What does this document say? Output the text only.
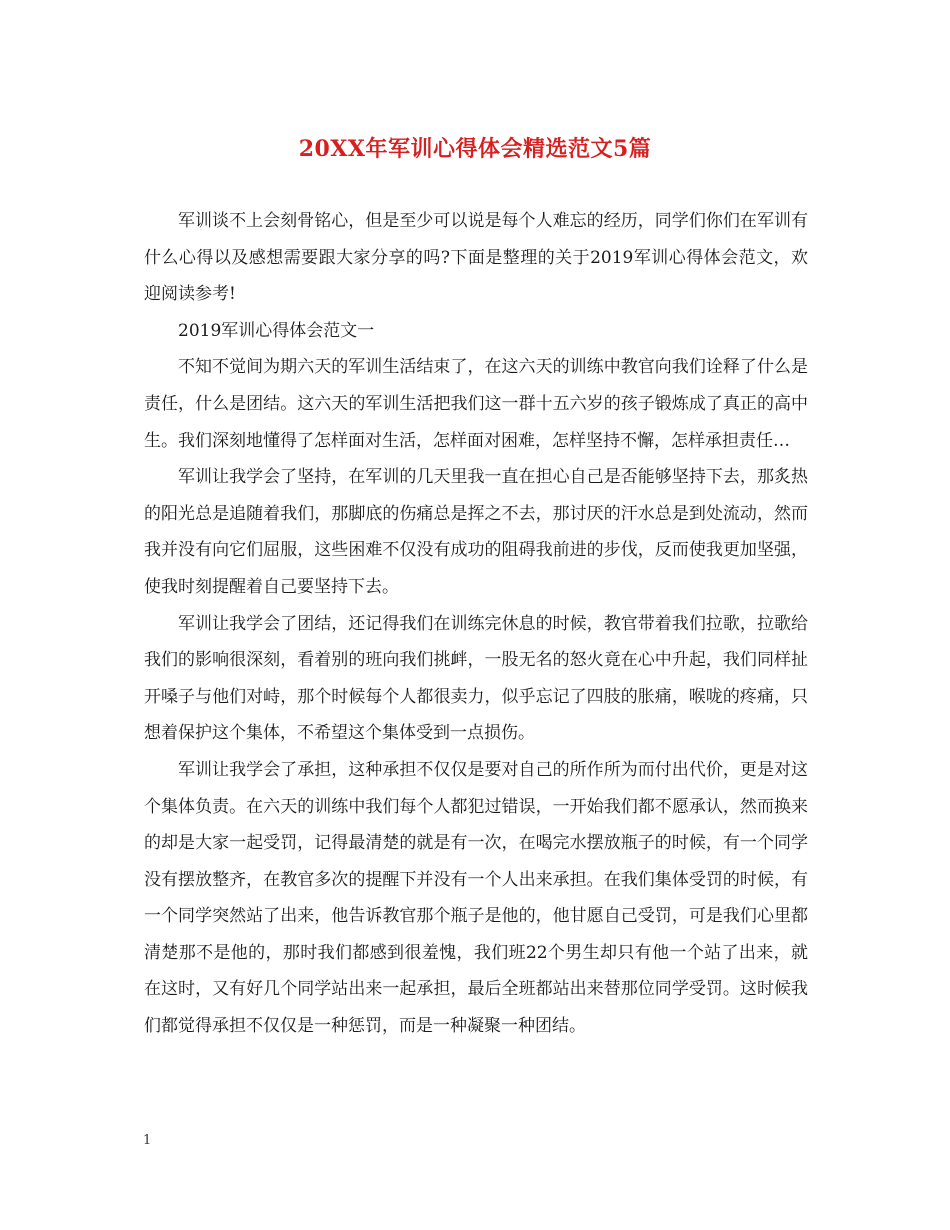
20XX年军训心得体会精选范文5篇

军训谈不上会刻骨铭心，但是至少可以说是每个人难忘的经历，同学们你们在军训有什么心得以及感想需要跟大家分享的吗?下面是整理的关于2019军训心得体会范文，欢迎阅读参考!

2019军训心得体会范文一

不知不觉间为期六天的军训生活结束了，在这六天的训练中教官向我们诠释了什么是责任，什么是团结。这六天的军训生活把我们这一群十五六岁的孩子锻炼成了真正的高中生。我们深刻地懂得了怎样面对生活，怎样面对困难，怎样坚持不懈，怎样承担责任…

军训让我学会了坚持，在军训的几天里我一直在担心自己是否能够坚持下去，那炙热的阳光总是追随着我们，那脚底的伤痛总是挥之不去，那讨厌的汗水总是到处流动，然而我并没有向它们屈服，这些困难不仅没有成功的阻碍我前进的步伐，反而使我更加坚强，使我时刻提醒着自己要坚持下去。

军训让我学会了团结，还记得我们在训练完休息的时候，教官带着我们拉歌，拉歌给我们的影响很深刻，看着别的班向我们挑衅，一股无名的怒火竟在心中升起，我们同样扯开嗓子与他们对峙，那个时候每个人都很卖力，似乎忘记了四肢的胀痛，喉咙的疼痛，只想着保护这个集体，不希望这个集体受到一点损伤。

军训让我学会了承担，这种承担不仅仅是要对自己的所作所为而付出代价，更是对这个集体负责。在六天的训练中我们每个人都犯过错误，一开始我们都不愿承认，然而换来的却是大家一起受罚，记得最清楚的就是有一次，在喝完水摆放瓶子的时候，有一个同学没有摆放整齐，在教官多次的提醒下并没有一个人出来承担。在我们集体受罚的时候，有一个同学突然站了出来，他告诉教官那个瓶子是他的，他甘愿自己受罚，可是我们心里都清楚那不是他的，那时我们都感到很羞愧，我们班22个男生却只有他一个站了出来，就在这时，又有好几个同学站出来一起承担，最后全班都站出来替那位同学受罚。这时候我们都觉得承担不仅仅是一种惩罚，而是一种凝聚一种团结。

1
